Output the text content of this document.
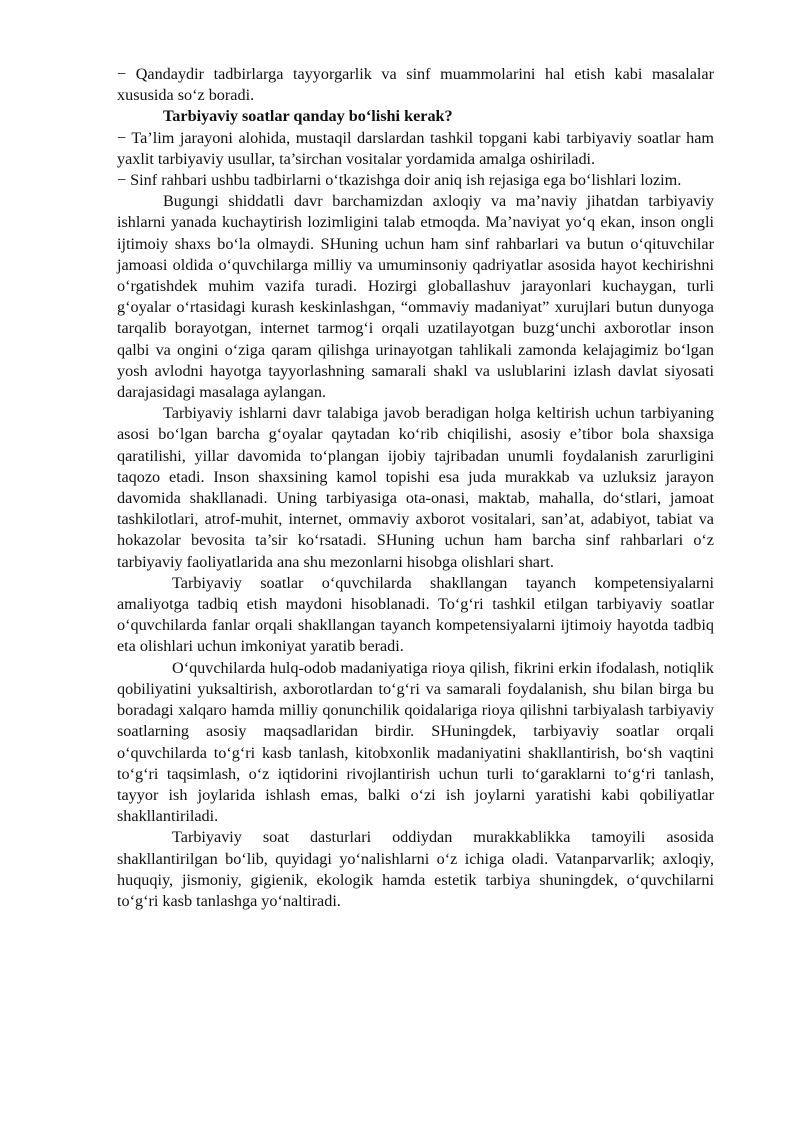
− Qandaydir tadbirlarga tayyorgarlik va sinf muammolarini hal etish kabi masalalar xususida so‘z boradi.

Tarbiyaviy soatlar qanday bo‘lishi kerak?

− Ta’lim jarayoni alohida, mustaqil darslardan tashkil topgani kabi tarbiyaviy soatlar ham yaxlit tarbiyaviy usullar, ta’sirchan vositalar yordamida amalga oshiriladi.

− Sinf rahbari ushbu tadbirlarni o‘tkazishga doir aniq ish rejasiga ega bo‘lishlari lozim.

Bugungi shiddatli davr barchamizdan axloqiy va ma’naviy jihatdan tarbiyaviy ishlarni yanada kuchaytirish lozimligini talab etmoqda. Ma’naviyat yo‘q ekan, inson ongli ijtimoiy shaxs bo‘la olmaydi. SHuning uchun ham sinf rahbarlari va butun o‘qituvchilar jamoasi oldida o‘quvchilarga milliy va umuminsoniy qadriyatlar asosida hayot kechirishni o‘rgatishdek muhim vazifa turadi. Hozirgi globallashuv jarayonlari kuchaygan, turli g‘oyalar o‘rtasidagi kurash keskinlashgan, “ommaviy madaniyat” xurujlari butun dunyoga tarqalib borayotgan, internet tarmog‘i orqali uzatilayotgan buzg‘unchi axborotlar inson qalbi va ongini o‘ziga qaram qilishga urinayotgan tahlikali zamonda kelajagimiz bo‘lgan yosh avlodni hayotga tayyorlashning samarali shakl va uslublarini izlash davlat siyosati darajasidagi masalaga aylangan.

Tarbiyaviy ishlarni davr talabiga javob beradigan holga keltirish uchun tarbiyaning asosi bo‘lgan barcha g‘oyalar qaytadan ko‘rib chiqilishi, asosiy e’tibor bola shaxsiga qaratilishi, yillar davomida to‘plangan ijobiy tajribadan unumli foydalanish zarurligini taqozo etadi. Inson shaxsining kamol topishi esa juda murakkab va uzluksiz jarayon davomida shakllanadi. Uning tarbiyasiga ota-onasi, maktab, mahalla, do‘stlari, jamoat tashkilotlari, atrof-muhit, internet, ommaviy axborot vositalari, san’at, adabiyot, tabiat va hokazolar bevosita ta’sir ko‘rsatadi. SHuning uchun ham barcha sinf rahbarlari o‘z tarbiyaviy faoliyatlarida ana shu mezonlarni hisobga olishlari shart.

Tarbiyaviy soatlar o‘quvchilarda shakllangan tayanch kompetensiyalarni amaliyotga tadbiq etish maydoni hisoblanadi. To‘g‘ri tashkil etilgan tarbiyaviy soatlar o‘quvchilarda fanlar orqali shakllangan tayanch kompetensiyalarni ijtimoiy hayotda tadbiq eta olishlari uchun imkoniyat yaratib beradi.

O‘quvchilarda hulq-odob madaniyatiga rioya qilish, fikrini erkin ifodalash, notiqlik qobiliyatini yuksaltirish, axborotlardan to‘g‘ri va samarali foydalanish, shu bilan birga bu boradagi xalqaro hamda milliy qonunchilik qoidalariga rioya qilishni tarbiyalash tarbiyaviy soatlarning asosiy maqsadlaridan birdir. SHuningdek, tarbiyaviy soatlar orqali o‘quvchilarda to‘g‘ri kasb tanlash, kitobxonlik madaniyatini shakllantirish, bo‘sh vaqtini to‘g‘ri taqsimlash, o‘z iqtidorini rivojlantirish uchun turli to‘garaklarni to‘g‘ri tanlash, tayyor ish joylarida ishlash emas, balki o‘zi ish joylarni yaratishi kabi qobiliyatlar shakllantiriladi.

Tarbiyaviy soat dasturlari oddiydan murakkablikka tamoyili asosida shakllantirilgan bo‘lib, quyidagi yo‘nalishlarni o‘z ichiga oladi. Vatanparvarlik; axloqiy, huquqiy, jismoniy, gigienik, ekologik hamda estetik tarbiya shuningdek, o‘quvchilarni to‘g‘ri kasb tanlashga yo‘naltiradi.
